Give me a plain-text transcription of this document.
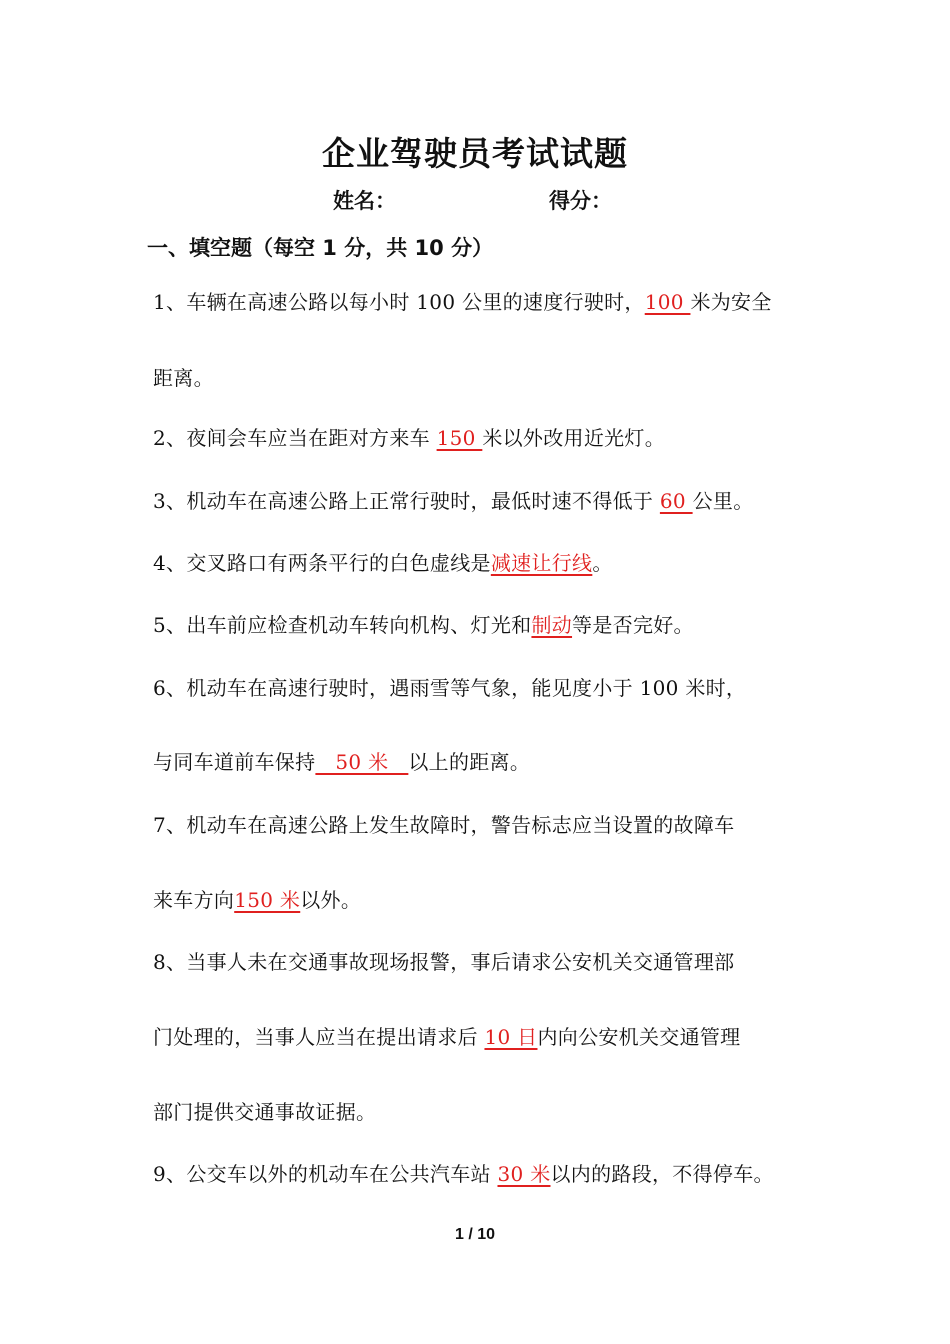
企业驾驶员考试试题
姓名：	得分：
一、填空题（每空 1 分，共 10 分）
1、车辆在高速公路以每小时 100 公里的速度行驶时，100 米为安全
距离。
2、夜间会车应当在距对方来车 150 米以外改用近光灯。
3、机动车在高速公路上正常行驶时，最低时速不得低于 60 公里。
4、交叉路口有两条平行的白色虚线是减速让行线。
5、出车前应检查机动车转向机构、灯光和制动等是否完好。
6、机动车在高速行驶时，遇雨雪等气象，能见度小于 100 米时，
与同车道前车保持   50 米   以上的距离。
7、机动车在高速公路上发生故障时，警告标志应当设置的故障车
来车方向150 米以外。
8、当事人未在交通事故现场报警，事后请求公安机关交通管理部
门处理的，当事人应当在提出请求后 10 日内向公安机关交通管理
部门提供交通事故证据。
9、公交车以外的机动车在公共汽车站 30 米以内的路段，不得停车。
1 / 10
